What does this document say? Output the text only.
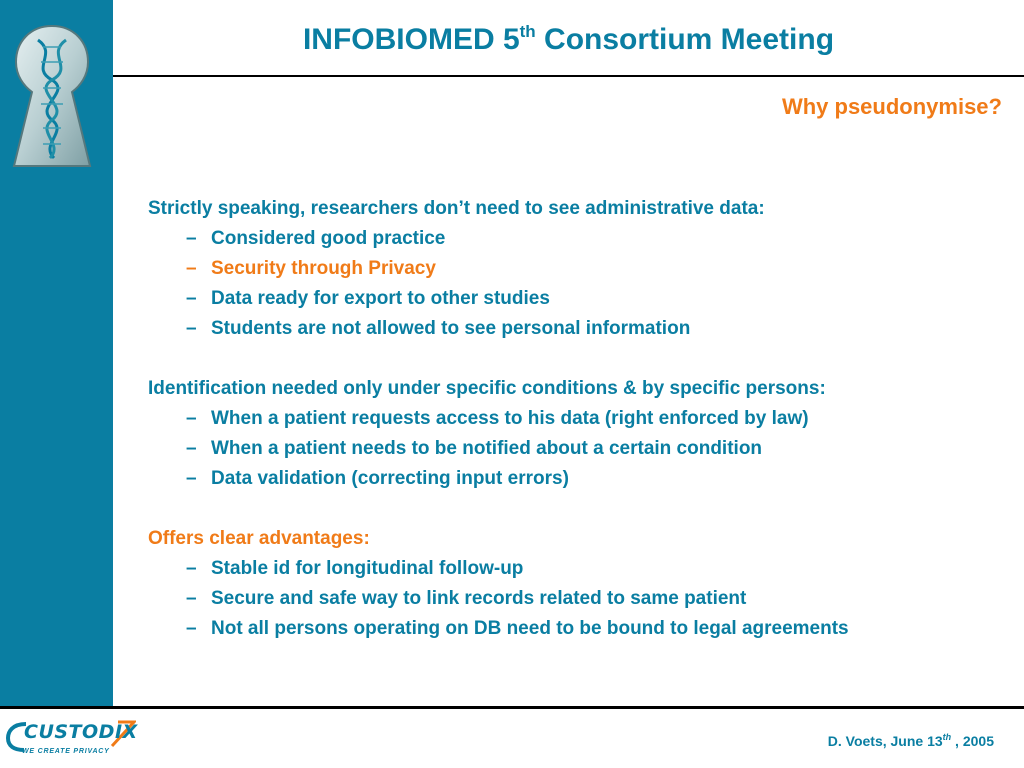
INFOBIOMED 5th Consortium Meeting
Why pseudonymise?
Strictly speaking, researchers don’t need to see administrative data:
– Considered good practice
– Security through Privacy
– Data ready for export to other studies
– Students are not allowed to see personal information
Identification needed only under specific conditions & by specific persons:
– When a patient requests access to his data (right enforced by law)
– When a patient needs to be notified about a certain condition
– Data validation (correcting input errors)
Offers clear advantages:
– Stable id for longitudinal follow-up
– Secure and safe way to link records related to same patient
– Not all persons operating on DB need to be bound to legal agreements
CUSTODIX
WE CREATE PRIVACY
D. Voets, June 13th , 2005
